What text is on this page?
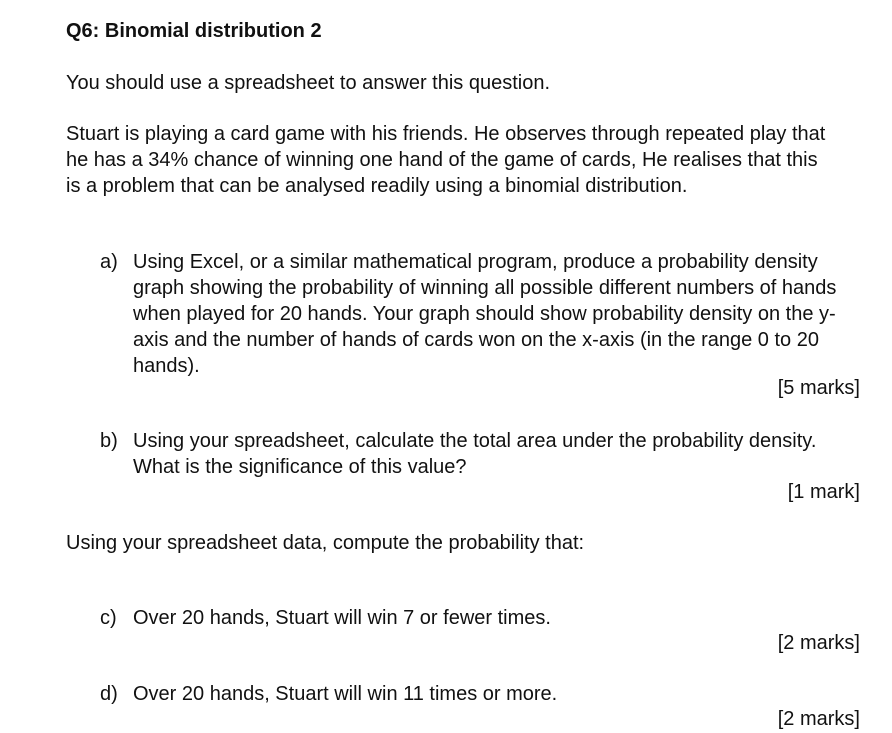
Q6: Binomial distribution 2
You should use a spreadsheet to answer this question.
Stuart is playing a card game with his friends. He observes through repeated play that he has a 34% chance of winning one hand of the game of cards, He realises that this is a problem that can be analysed readily using a binomial distribution.
a) Using Excel, or a similar mathematical program, produce a probability density graph showing the probability of winning all possible different numbers of hands when played for 20 hands. Your graph should show probability density on the y-axis and the number of hands of cards won on the x-axis (in the range 0 to 20 hands).
[5 marks]
b) Using your spreadsheet, calculate the total area under the probability density. What is the significance of this value?
[1 mark]
Using your spreadsheet data, compute the probability that:
c) Over 20 hands, Stuart will win 7 or fewer times.
[2 marks]
d) Over 20 hands, Stuart will win 11 times or more.
[2 marks]
